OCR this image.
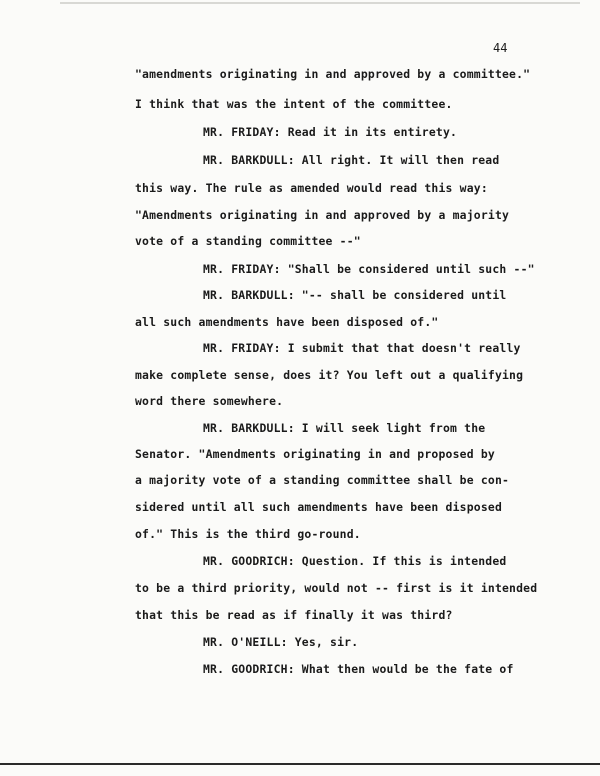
44
"amendments originating in and approved by a committee."
I think that was the intent of the committee.
MR. FRIDAY: Read it in its entirety.
MR. BARKDULL: All right. It will then read
this way. The rule as amended would read this way:
"Amendments originating in and approved by a majority
vote of a standing committee --"
MR. FRIDAY: "Shall be considered until such --"
MR. BARKDULL: "-- shall be considered until
all such amendments have been disposed of."
MR. FRIDAY: I submit that that doesn't really
make complete sense, does it? You left out a qualifying
word there somewhere.
MR. BARKDULL: I will seek light from the
Senator. "Amendments originating in and proposed by
a majority vote of a standing committee shall be con-
sidered until all such amendments have been disposed
of." This is the third go-round.
MR. GOODRICH: Question. If this is intended
to be a third priority, would not -- first is it intended
that this be read as if finally it was third?
MR. O'NEILL: Yes, sir.
MR. GOODRICH: What then would be the fate of
